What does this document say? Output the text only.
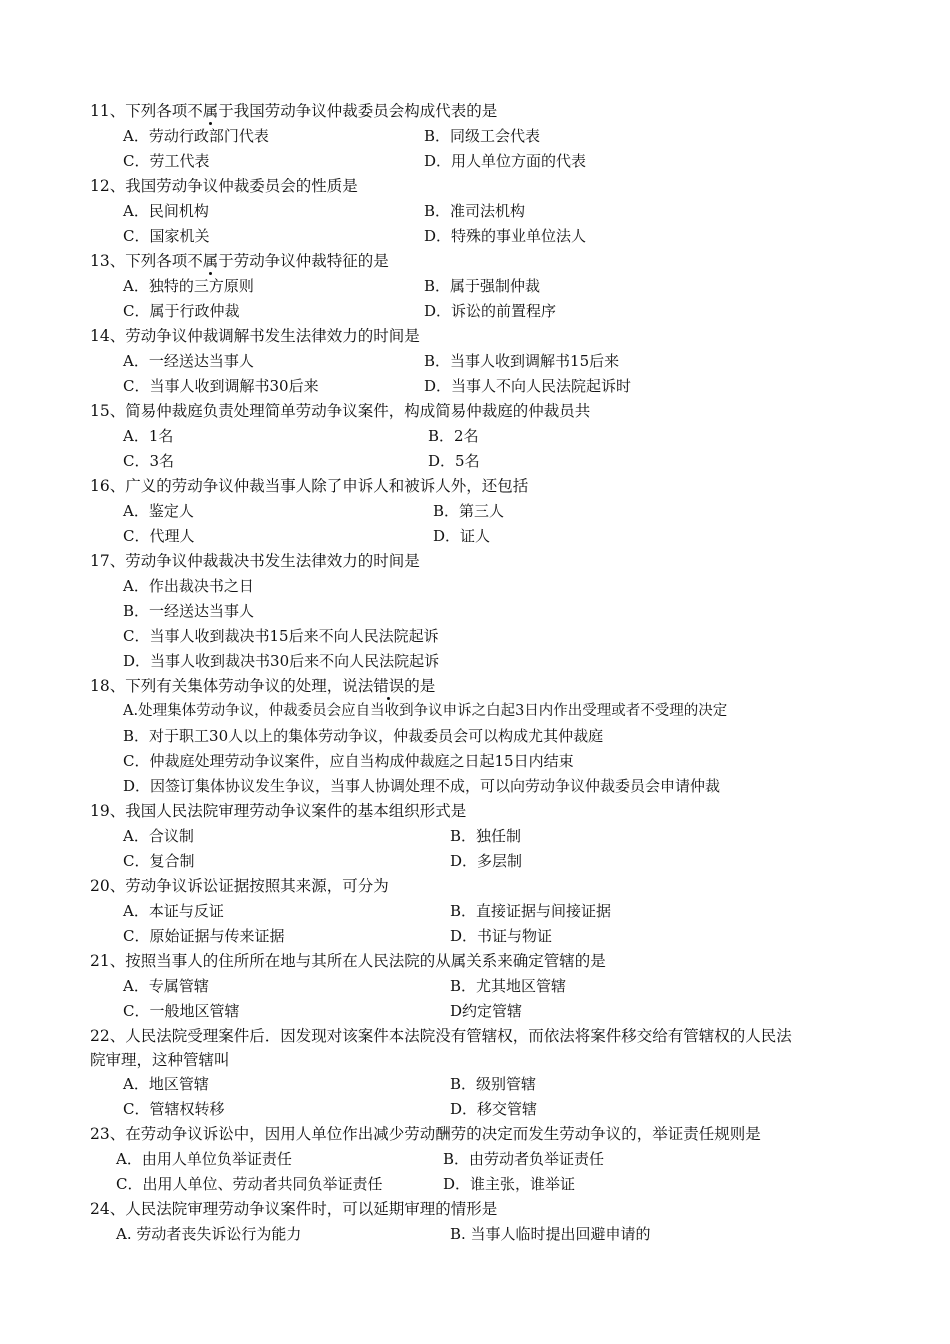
11、下列各项不属于我国劳动争议仲裁委员会构成代表的是
A．劳动行政部门代表	B．同级工会代表
C．劳工代表	D．用人单位方面的代表
12、我国劳动争议仲裁委员会的性质是
A．民间机构	B．准司法机构
C．国家机关	D．特殊的事业单位法人
13、下列各项不属于劳动争议仲裁特征的是
A．独特的三方原则	B．属于强制仲裁
C．属于行政仲裁	D．诉讼的前置程序
14、劳动争议仲裁调解书发生法律效力的时间是
A．一经送达当事人	B．当事人收到调解书15后来
C．当事人收到调解书30后来	D．当事人不向人民法院起诉时
15、简易仲裁庭负责处理简单劳动争议案件，构成简易仲裁庭的仲裁员共
A．1名	B．2名
C．3名	D．5名
16、广义的劳动争议仲裁当事人除了申诉人和被诉人外，还包括
A．鉴定人	B．第三人
C．代理人	D．证人
17、劳动争议仲裁裁决书发生法律效力的时间是
A．作出裁决书之日
B．一经送达当事人
C．当事人收到裁决书15后来不向人民法院起诉
D．当事人收到裁决书30后来不向人民法院起诉
18、下列有关集体劳动争议的处理，说法错误的是
A.处理集体劳动争议，仲裁委员会应自当收到争议申诉之白起3日内作出受理或者不受理的决定
B．对于职工30人以上的集体劳动争议，仲裁委员会可以构成尤其仲裁庭
C．仲裁庭处理劳动争议案件，应自当构成仲裁庭之日起15日内结束
D．因签订集体协议发生争议，当事人协调处理不成，可以向劳动争议仲裁委员会申请仲裁
19、我国人民法院审理劳动争议案件的基本组织形式是
A．合议制	B．独任制
C．复合制	D．多层制
20、劳动争议诉讼证据按照其来源，可分为
A．本证与反证	B．直接证据与间接证据
C．原始证据与传来证据	D．书证与物证
21、按照当事人的住所所在地与其所在人民法院的从属关系来确定管辖的是
A．专属管辖	B．尤其地区管辖
C．一般地区管辖	D约定管辖
22、人民法院受理案件后．因发现对该案件本法院没有管辖权，而依法将案件移交给有管辖权的人民法
院审理，这种管辖叫
A．地区管辖	B．级别管辖
C．管辖权转移	D．移交管辖
23、在劳动争议诉讼中，因用人单位作出减少劳动酬劳的决定而发生劳动争议的，举证责任规则是
A．由用人单位负举证责任	B．由劳动者负举证责任
C．出用人单位、劳动者共同负举证责任	D．谁主张，谁举证
24、人民法院审理劳动争议案件时，可以延期审理的情形是
A. 劳动者丧失诉讼行为能力	B. 当事人临时提出回避申请的
